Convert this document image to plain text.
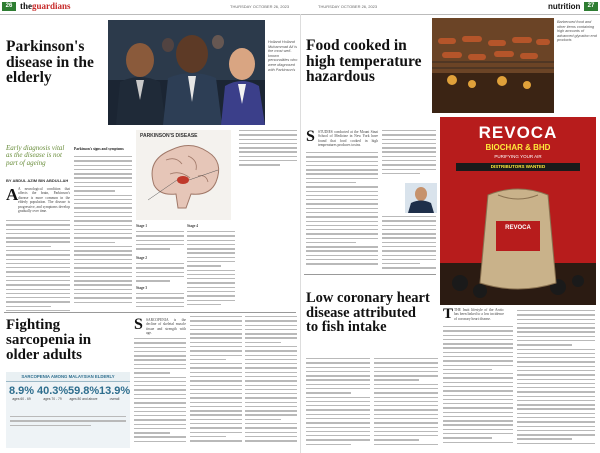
26 theguardians	THURSDAY OCTOBER 26, 2023	THURSDAY OCTOBER 26, 2023	nutrition	27
Parkinson's disease in the elderly
Holland Holland Muhammad Ali is the most well-known personalities who were diagnosed with Parkinson's
Early diagnosis vital as the disease is not part of ageing
BY ABDUL AZIM BIN ABDULLAH
A A neurological condition that affects the brain, Parkinson's disease is more common in the elderly population. The disease is progressive, and symptoms develop gradually over time.
Parkinson's signs and symptoms
PARKINSON'S DISEASE
Stage 1
Stage 2
Stage 3
Stage 4
Fighting sarcopenia in older adults
SARCOPENIA AMONG MALAYSIAN ELDERLY
8.9%
ages 60 - 69
40.3%
ages 70 - 79
59.8%
ages 80 and above
13.9%
overall
S SARCOPENIA is the decline of skeletal muscle tissue and strength with age.
Food cooked in high temperature hazardous
Barbecued food and other items containing high amounts of advanced glycation end products
S STUDIES conducted at the Mount Sinai School of Medicine in New York have found that food cooked in high temperatures produces toxins.
REVOCA
BIOCHAR & BHD
PURIFYING YOUR AIR
DISTRIBUTORS WANTED
REVOCA
Low coronary heart disease attributed to fish intake
T THE Inuit lifestyle of the Arctic has been linked to a low incidence of coronary heart disease.
